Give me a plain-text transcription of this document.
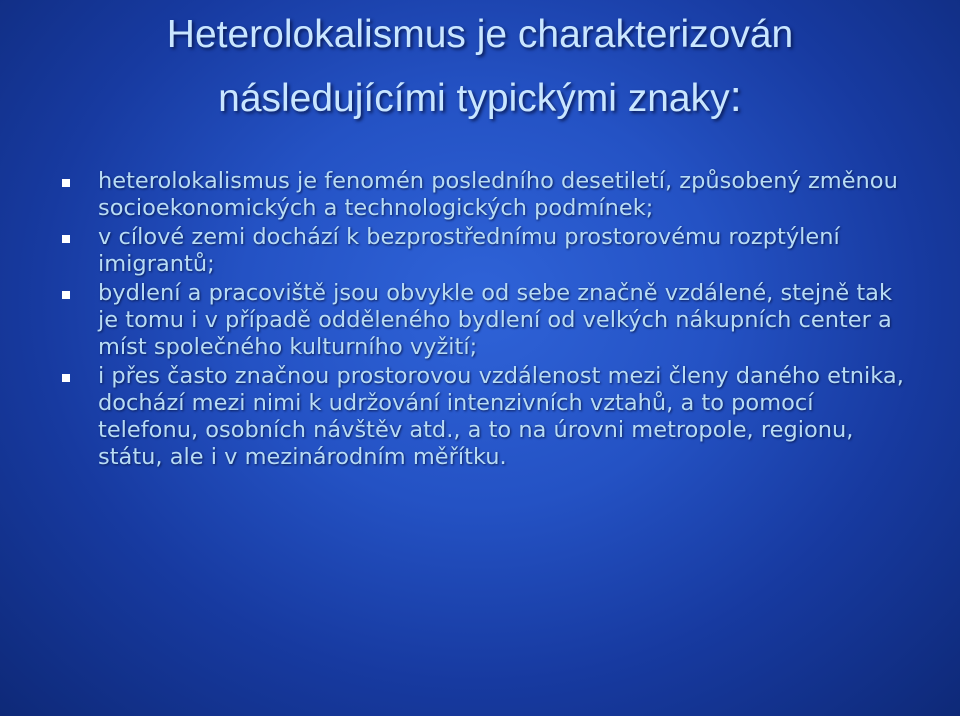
Heterolokalismus je charakterizován
následujícími typickými znaky:
heterolokalismus je fenomén posledního desetiletí, způsobený změnou socioekonomických a technologických podmínek;
v cílové zemi dochází k bezprostřednímu prostorovému rozptýlení imigrantů;
bydlení a pracoviště jsou obvykle od sebe značně vzdálené, stejně tak je tomu i v případě odděleného bydlení od velkých nákupních center a míst společného kulturního vyžití;
i přes často značnou prostorovou vzdálenost mezi členy daného etnika, dochází mezi nimi k udržování intenzivních vztahů, a to pomocí telefonu, osobních návštěv atd., a to na úrovni metropole, regionu, státu, ale i v mezinárodním měřítku.
